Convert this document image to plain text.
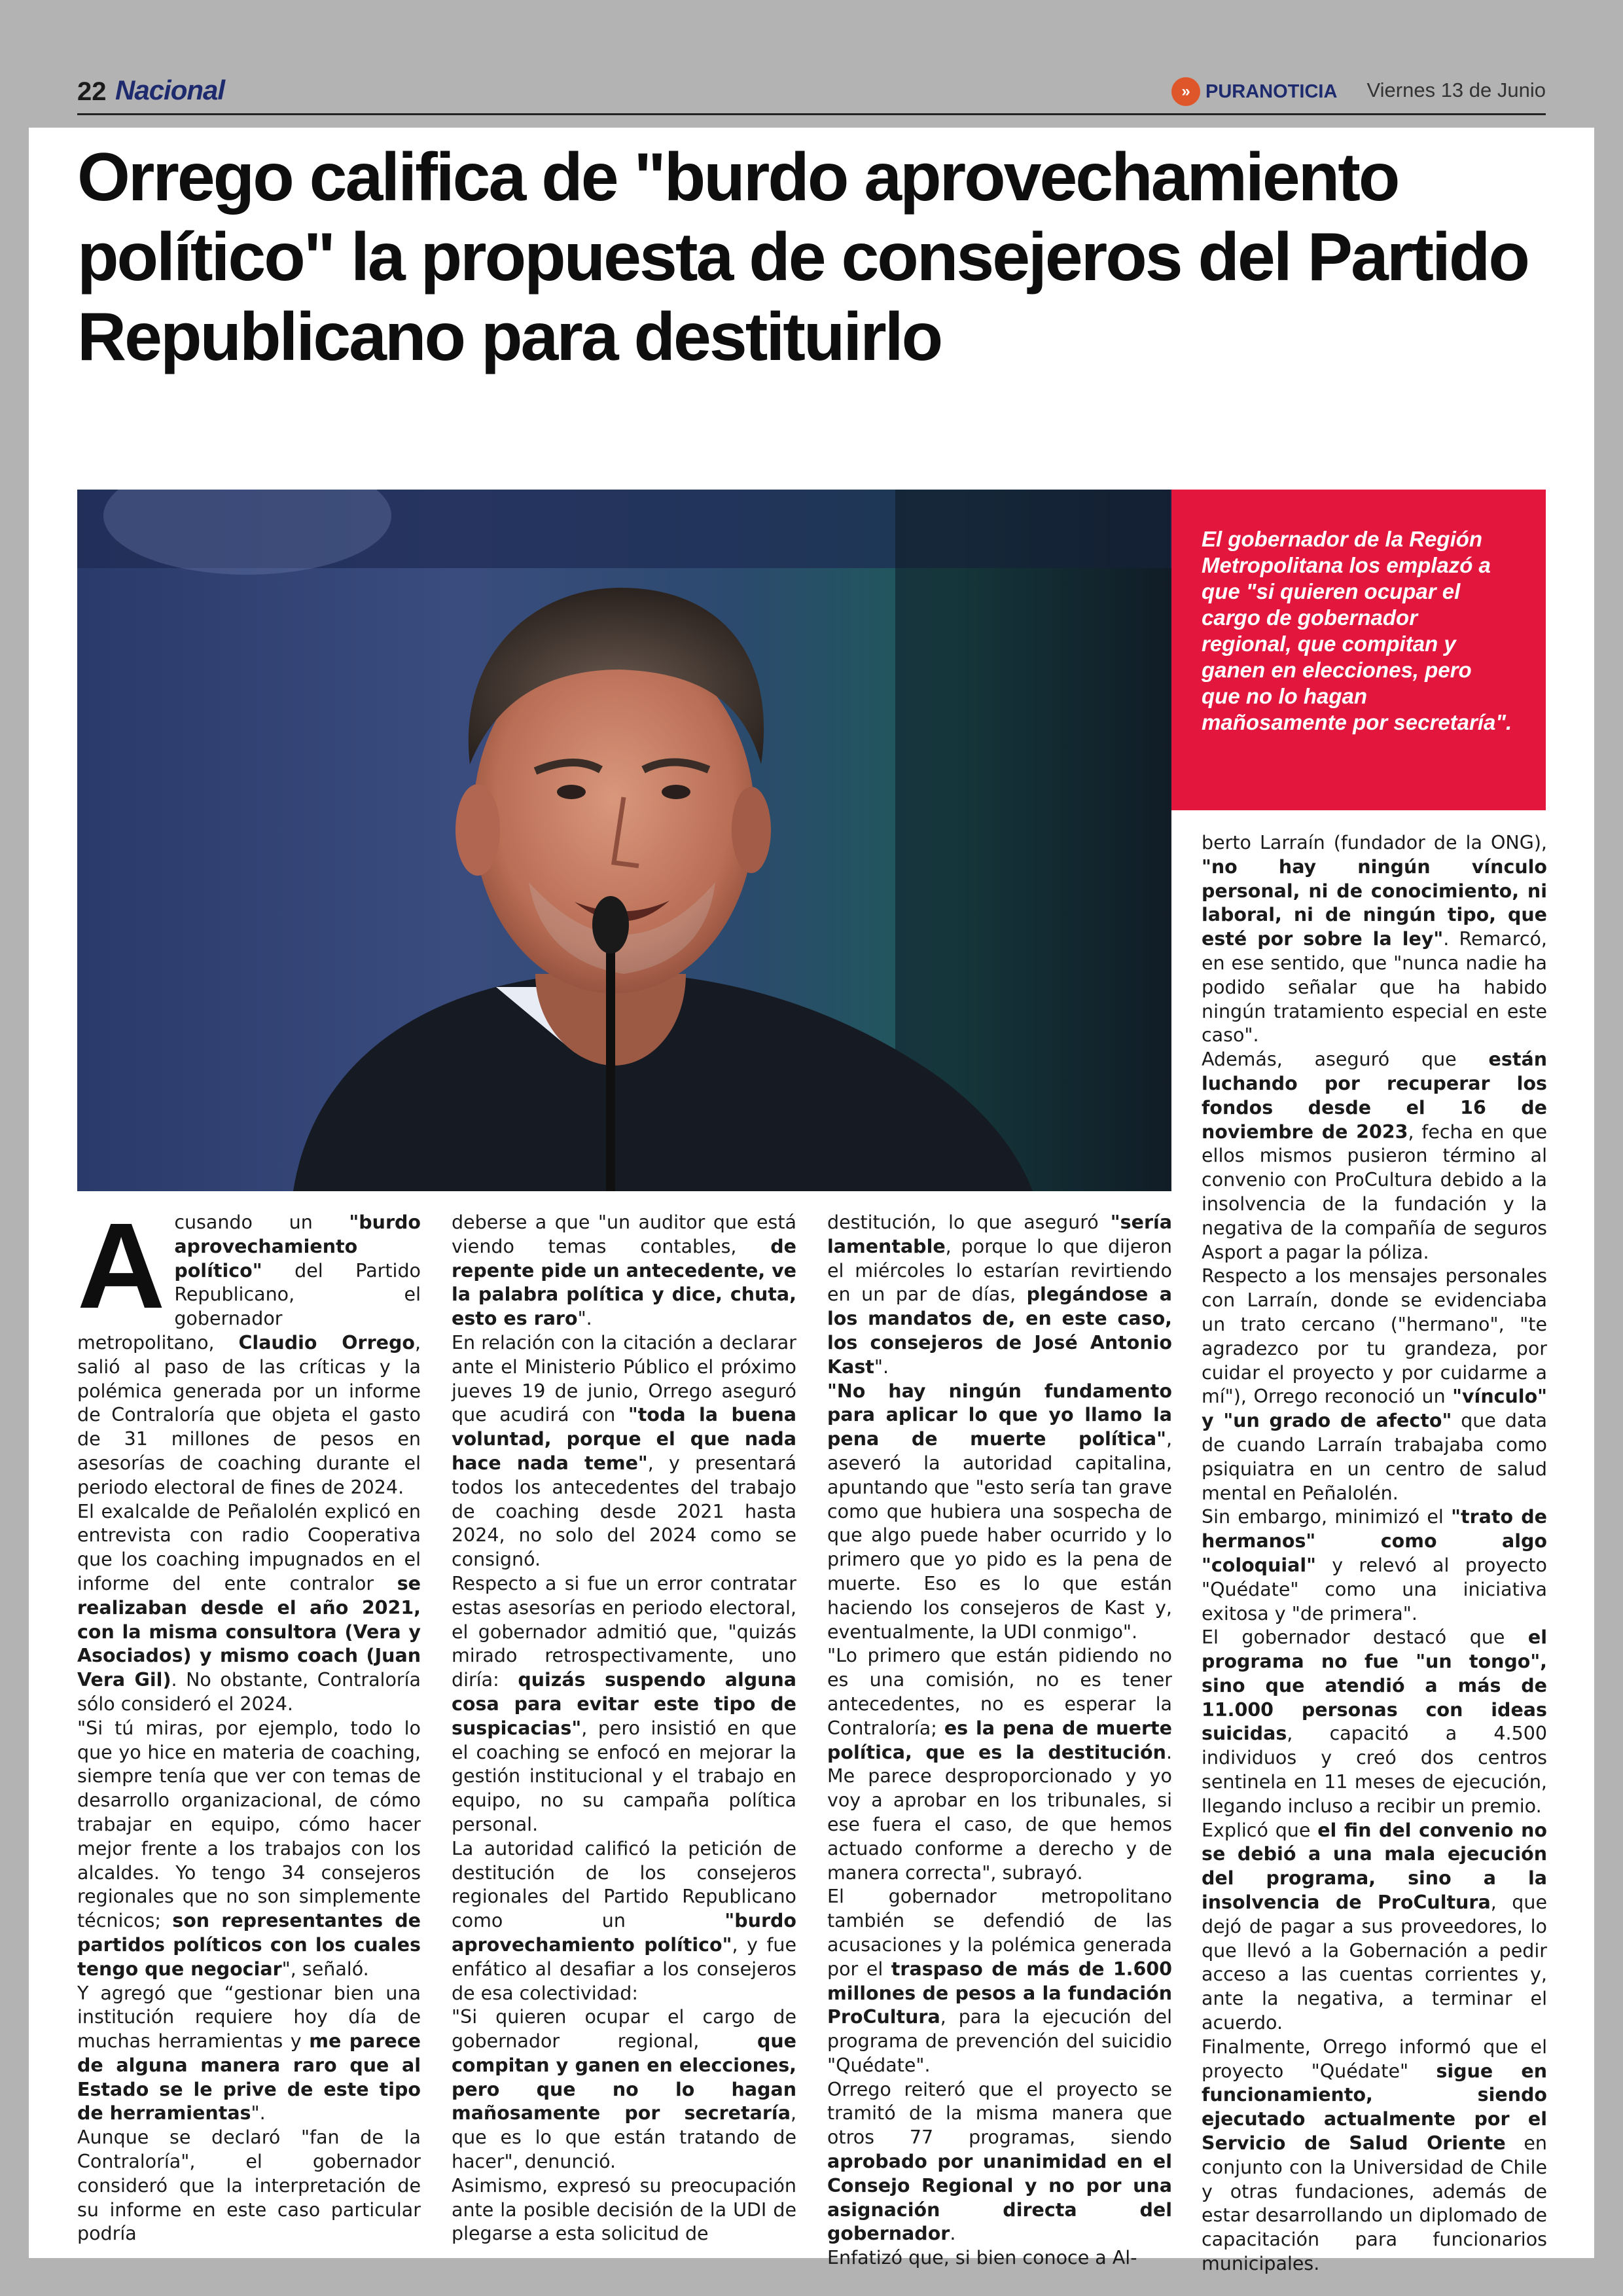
22 Nacional	» PURANOTICIA Viernes 13 de Junio
Orrego califica de "burdo aprovechamiento político" la propuesta de consejeros del Partido Republicano para destituirlo

El gobernador de la Región Metropolitana los emplazó a que "si quieren ocupar el cargo de gobernador regional, que compitan y ganen en elecciones, pero que no lo hagan mañosamente por secretaría".

A cusando un "burdo aprovechamiento político" del Partido Republicano, el gobernador metropolitano, Claudio Orrego, salió al paso de las críticas y la polémica generada por un informe de Contraloría que objeta el gasto de 31 millones de pesos en asesorías de coaching durante el periodo electoral de fines de 2024.

El exalcalde de Peñalolén explicó en entrevista con radio Cooperativa que los coaching impugnados en el informe del ente contralor se realizaban desde el año 2021, con la misma consultora (Vera y Asociados) y mismo coach (Juan Vera Gil). No obstante, Contraloría sólo consideró el 2024.

"Si tú miras, por ejemplo, todo lo que yo hice en materia de coaching, siempre tenía que ver con temas de desarrollo organizacional, de cómo trabajar en equipo, cómo hacer mejor frente a los trabajos con los alcaldes. Yo tengo 34 consejeros regionales que no son simplemente técnicos; son representantes de partidos políticos con los cuales tengo que negociar", señaló.

Y agregó que “gestionar bien una institución requiere hoy día de muchas herramientas y me parece de alguna manera raro que al Estado se le prive de este tipo de herramientas".

Aunque se declaró "fan de la Contraloría", el gobernador consideró que la interpretación de su informe en este caso particular podría

deberse a que "un auditor que está viendo temas contables, de repente pide un antecedente, ve la palabra política y dice, chuta, esto es raro".

En relación con la citación a declarar ante el Ministerio Público el próximo jueves 19 de junio, Orrego aseguró que acudirá con "toda la buena voluntad, porque el que nada hace nada teme", y presentará todos los antecedentes del trabajo de coaching desde 2021 hasta 2024, no solo del 2024 como se consignó.

Respecto a si fue un error contratar estas asesorías en periodo electoral, el gobernador admitió que, "quizás mirado retrospectivamente, uno diría: quizás suspendo alguna cosa para evitar este tipo de suspicacias", pero insistió en que el coaching se enfocó en mejorar la gestión institucional y el trabajo en equipo, no su campaña política personal.

La autoridad calificó la petición de destitución de los consejeros regionales del Partido Republicano como un "burdo aprovechamiento político", y fue enfático al desafiar a los consejeros de esa colectividad:

"Si quieren ocupar el cargo de gobernador regional, que compitan y ganen en elecciones, pero que no lo hagan mañosamente por secretaría, que es lo que están tratando de hacer", denunció.

Asimismo, expresó su preocupación ante la posible decisión de la UDI de plegarse a esta solicitud de

destitución, lo que aseguró "sería lamentable, porque lo que dijeron el miércoles lo estarían revirtiendo en un par de días, plegándose a los mandatos de, en este caso, los consejeros de José Antonio Kast".

"No hay ningún fundamento para aplicar lo que yo llamo la pena de muerte política", aseveró la autoridad capitalina, apuntando que "esto sería tan grave como que hubiera una sospecha de que algo puede haber ocurrido y lo primero que yo pido es la pena de muerte. Eso es lo que están haciendo los consejeros de Kast y, eventualmente, la UDI conmigo".

"Lo primero que están pidiendo no es una comisión, no es tener antecedentes, no es esperar la Contraloría; es la pena de muerte política, que es la destitución. Me parece desproporcionado y yo voy a aprobar en los tribunales, si ese fuera el caso, de que hemos actuado conforme a derecho y de manera correcta", subrayó.

El gobernador metropolitano también se defendió de las acusaciones y la polémica generada por el traspaso de más de 1.600 millones de pesos a la fundación ProCultura, para la ejecución del programa de prevención del suicidio "Quédate".

Orrego reiteró que el proyecto se tramitó de la misma manera que otros 77 programas, siendo aprobado por unanimidad en el Consejo Regional y no por una asignación directa del gobernador.

Enfatizó que, si bien conoce a Al-

berto Larraín (fundador de la ONG), "no hay ningún vínculo personal, ni de conocimiento, ni laboral, ni de ningún tipo, que esté por sobre la ley". Remarcó, en ese sentido, que "nunca nadie ha podido señalar que ha habido ningún tratamiento especial en este caso".

Además, aseguró que están luchando por recuperar los fondos desde el 16 de noviembre de 2023, fecha en que ellos mismos pusieron término al convenio con ProCultura debido a la insolvencia de la fundación y la negativa de la compañía de seguros Asport a pagar la póliza.

Respecto a los mensajes personales con Larraín, donde se evidenciaba un trato cercano ("hermano", "te agradezco por tu grandeza, por cuidar el proyecto y por cuidarme a mí"), Orrego reconoció un "vínculo" y "un grado de afecto" que data de cuando Larraín trabajaba como psiquiatra en un centro de salud mental en Peñalolén.

Sin embargo, minimizó el "trato de hermanos" como algo "coloquial" y relevó al proyecto "Quédate" como una iniciativa exitosa y "de primera".

El gobernador destacó que el programa no fue "un tongo", sino que atendió a más de 11.000 personas con ideas suicidas, capacitó a 4.500 individuos y creó dos centros sentinela en 11 meses de ejecución, llegando incluso a recibir un premio.

Explicó que el fin del convenio no se debió a una mala ejecución del programa, sino a la insolvencia de ProCultura, que dejó de pagar a sus proveedores, lo que llevó a la Gobernación a pedir acceso a las cuentas corrientes y, ante la negativa, a terminar el acuerdo.

Finalmente, Orrego informó que el proyecto "Quédate" sigue en funcionamiento, siendo ejecutado actualmente por el Servicio de Salud Oriente en conjunto con la Universidad de Chile y otras fundaciones, además de estar desarrollando un diplomado de capacitación para funcionarios municipales.
